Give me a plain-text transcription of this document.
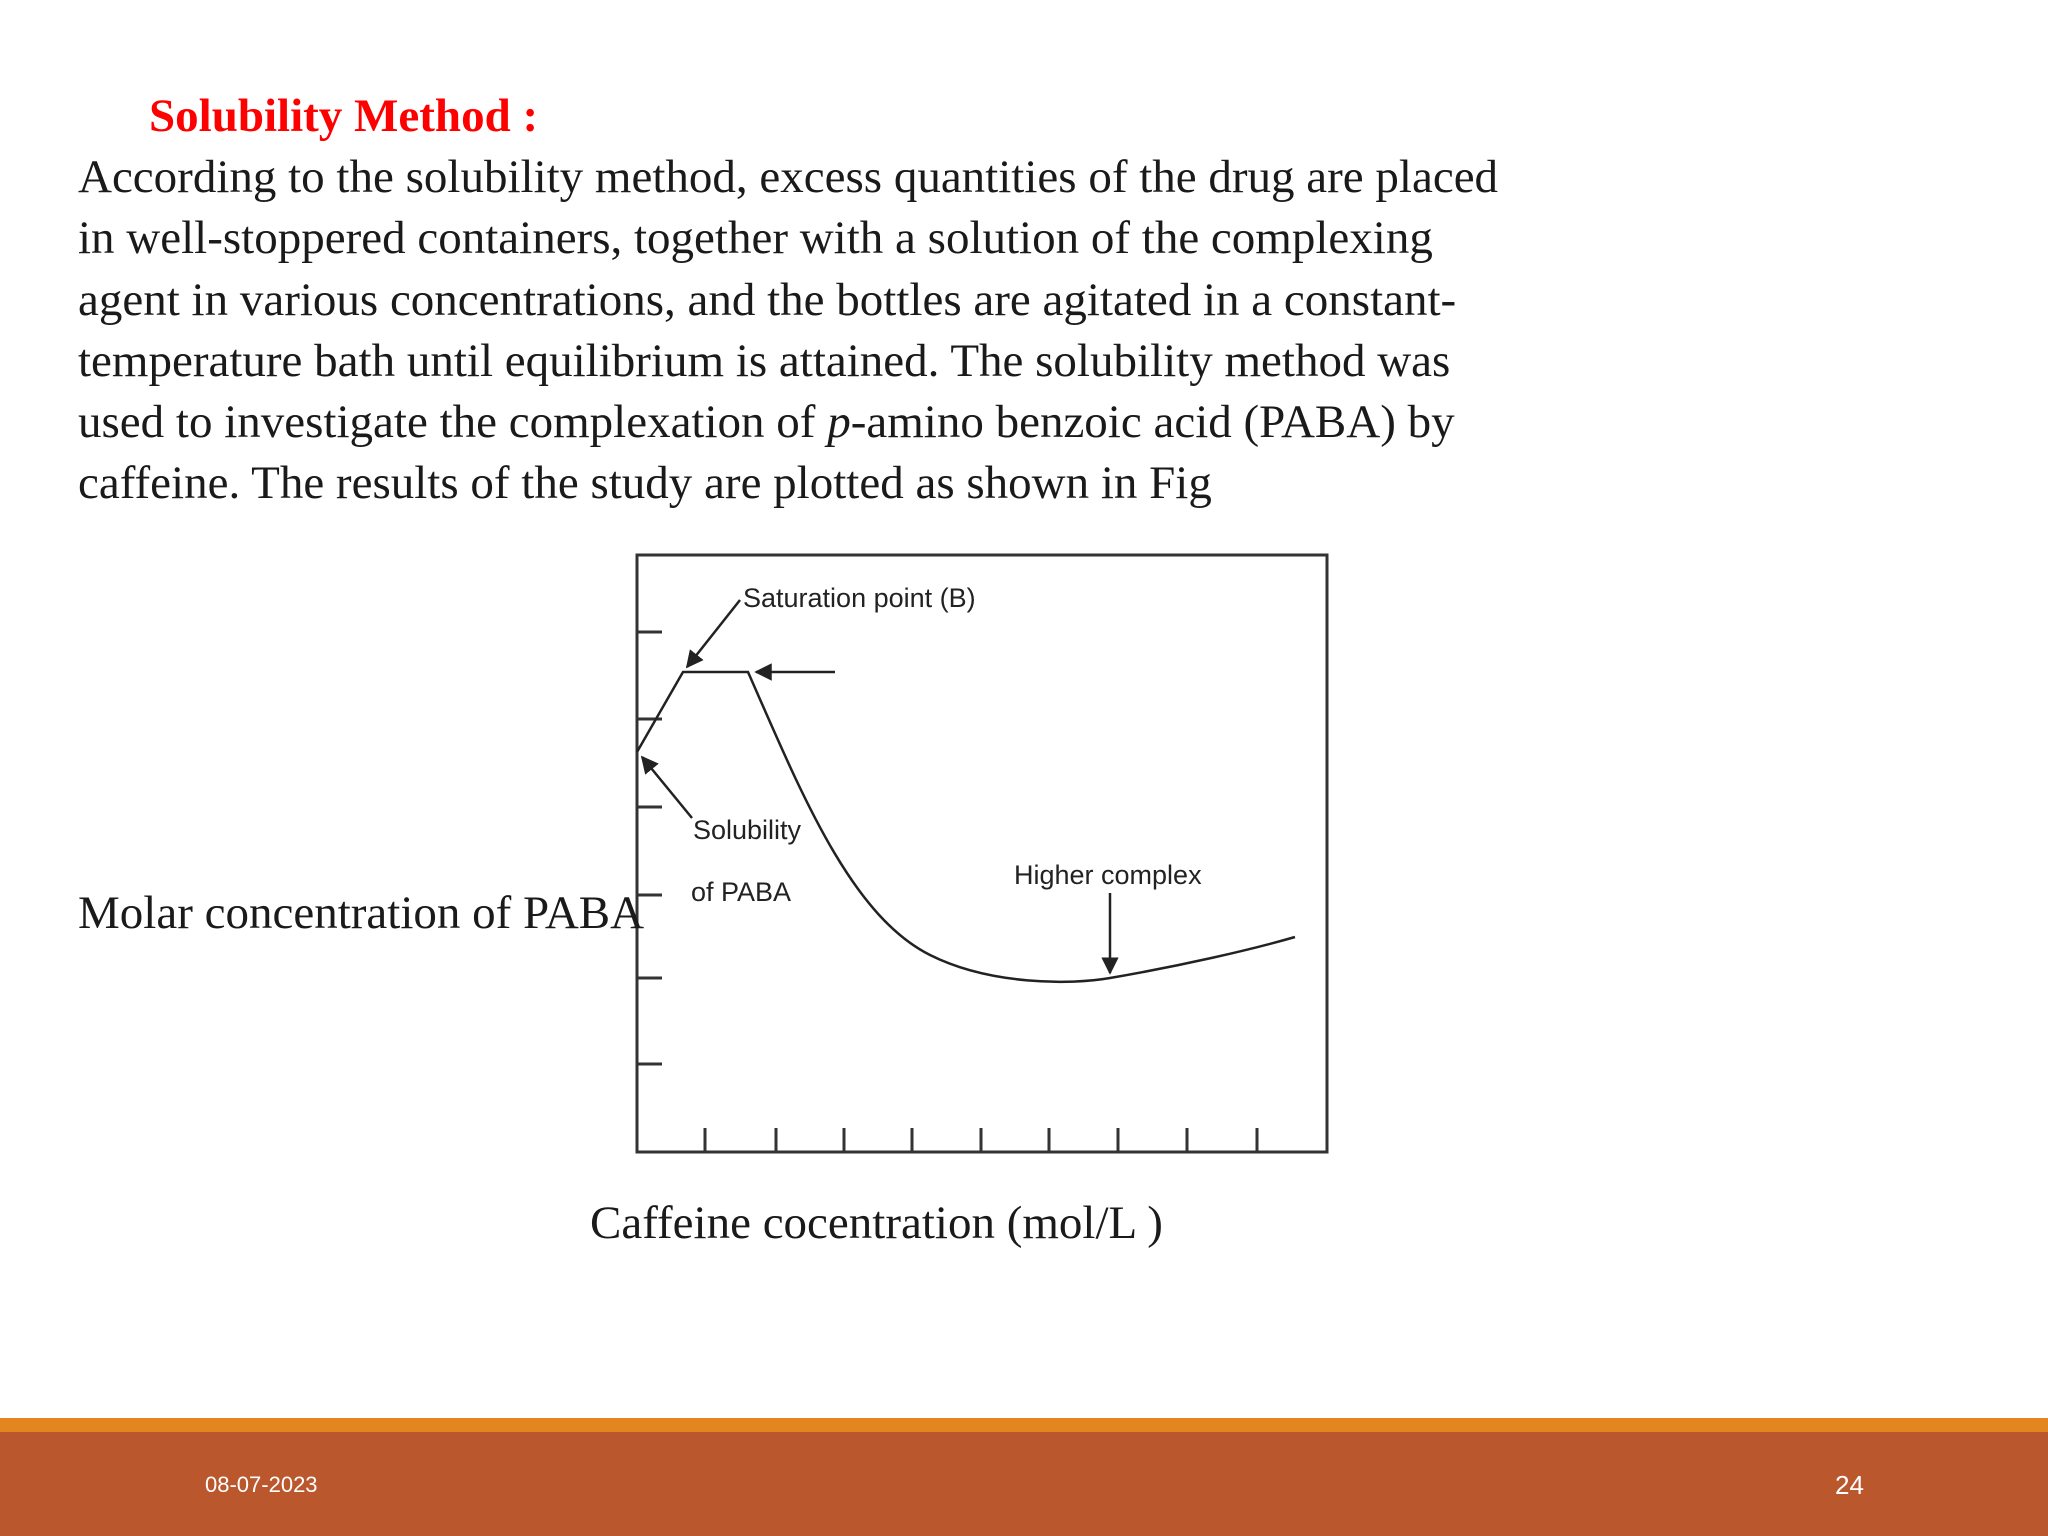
Solubility Method :

According to the solubility method, excess quantities of the drug are placed
in well-stoppered containers, together with a solution of the complexing
agent in various concentrations, and the bottles are agitated in a constant-
temperature bath until equilibrium is attained. The solubility method was
used to investigate the complexation of p-amino benzoic acid (PABA) by
caffeine. The results of the study are plotted as shown in Fig

Saturation point (B)
Solubility
of PABA
Higher complex
Molar concentration of PABA
Caffeine cocentration (mol/L )
08-07-2023	24
